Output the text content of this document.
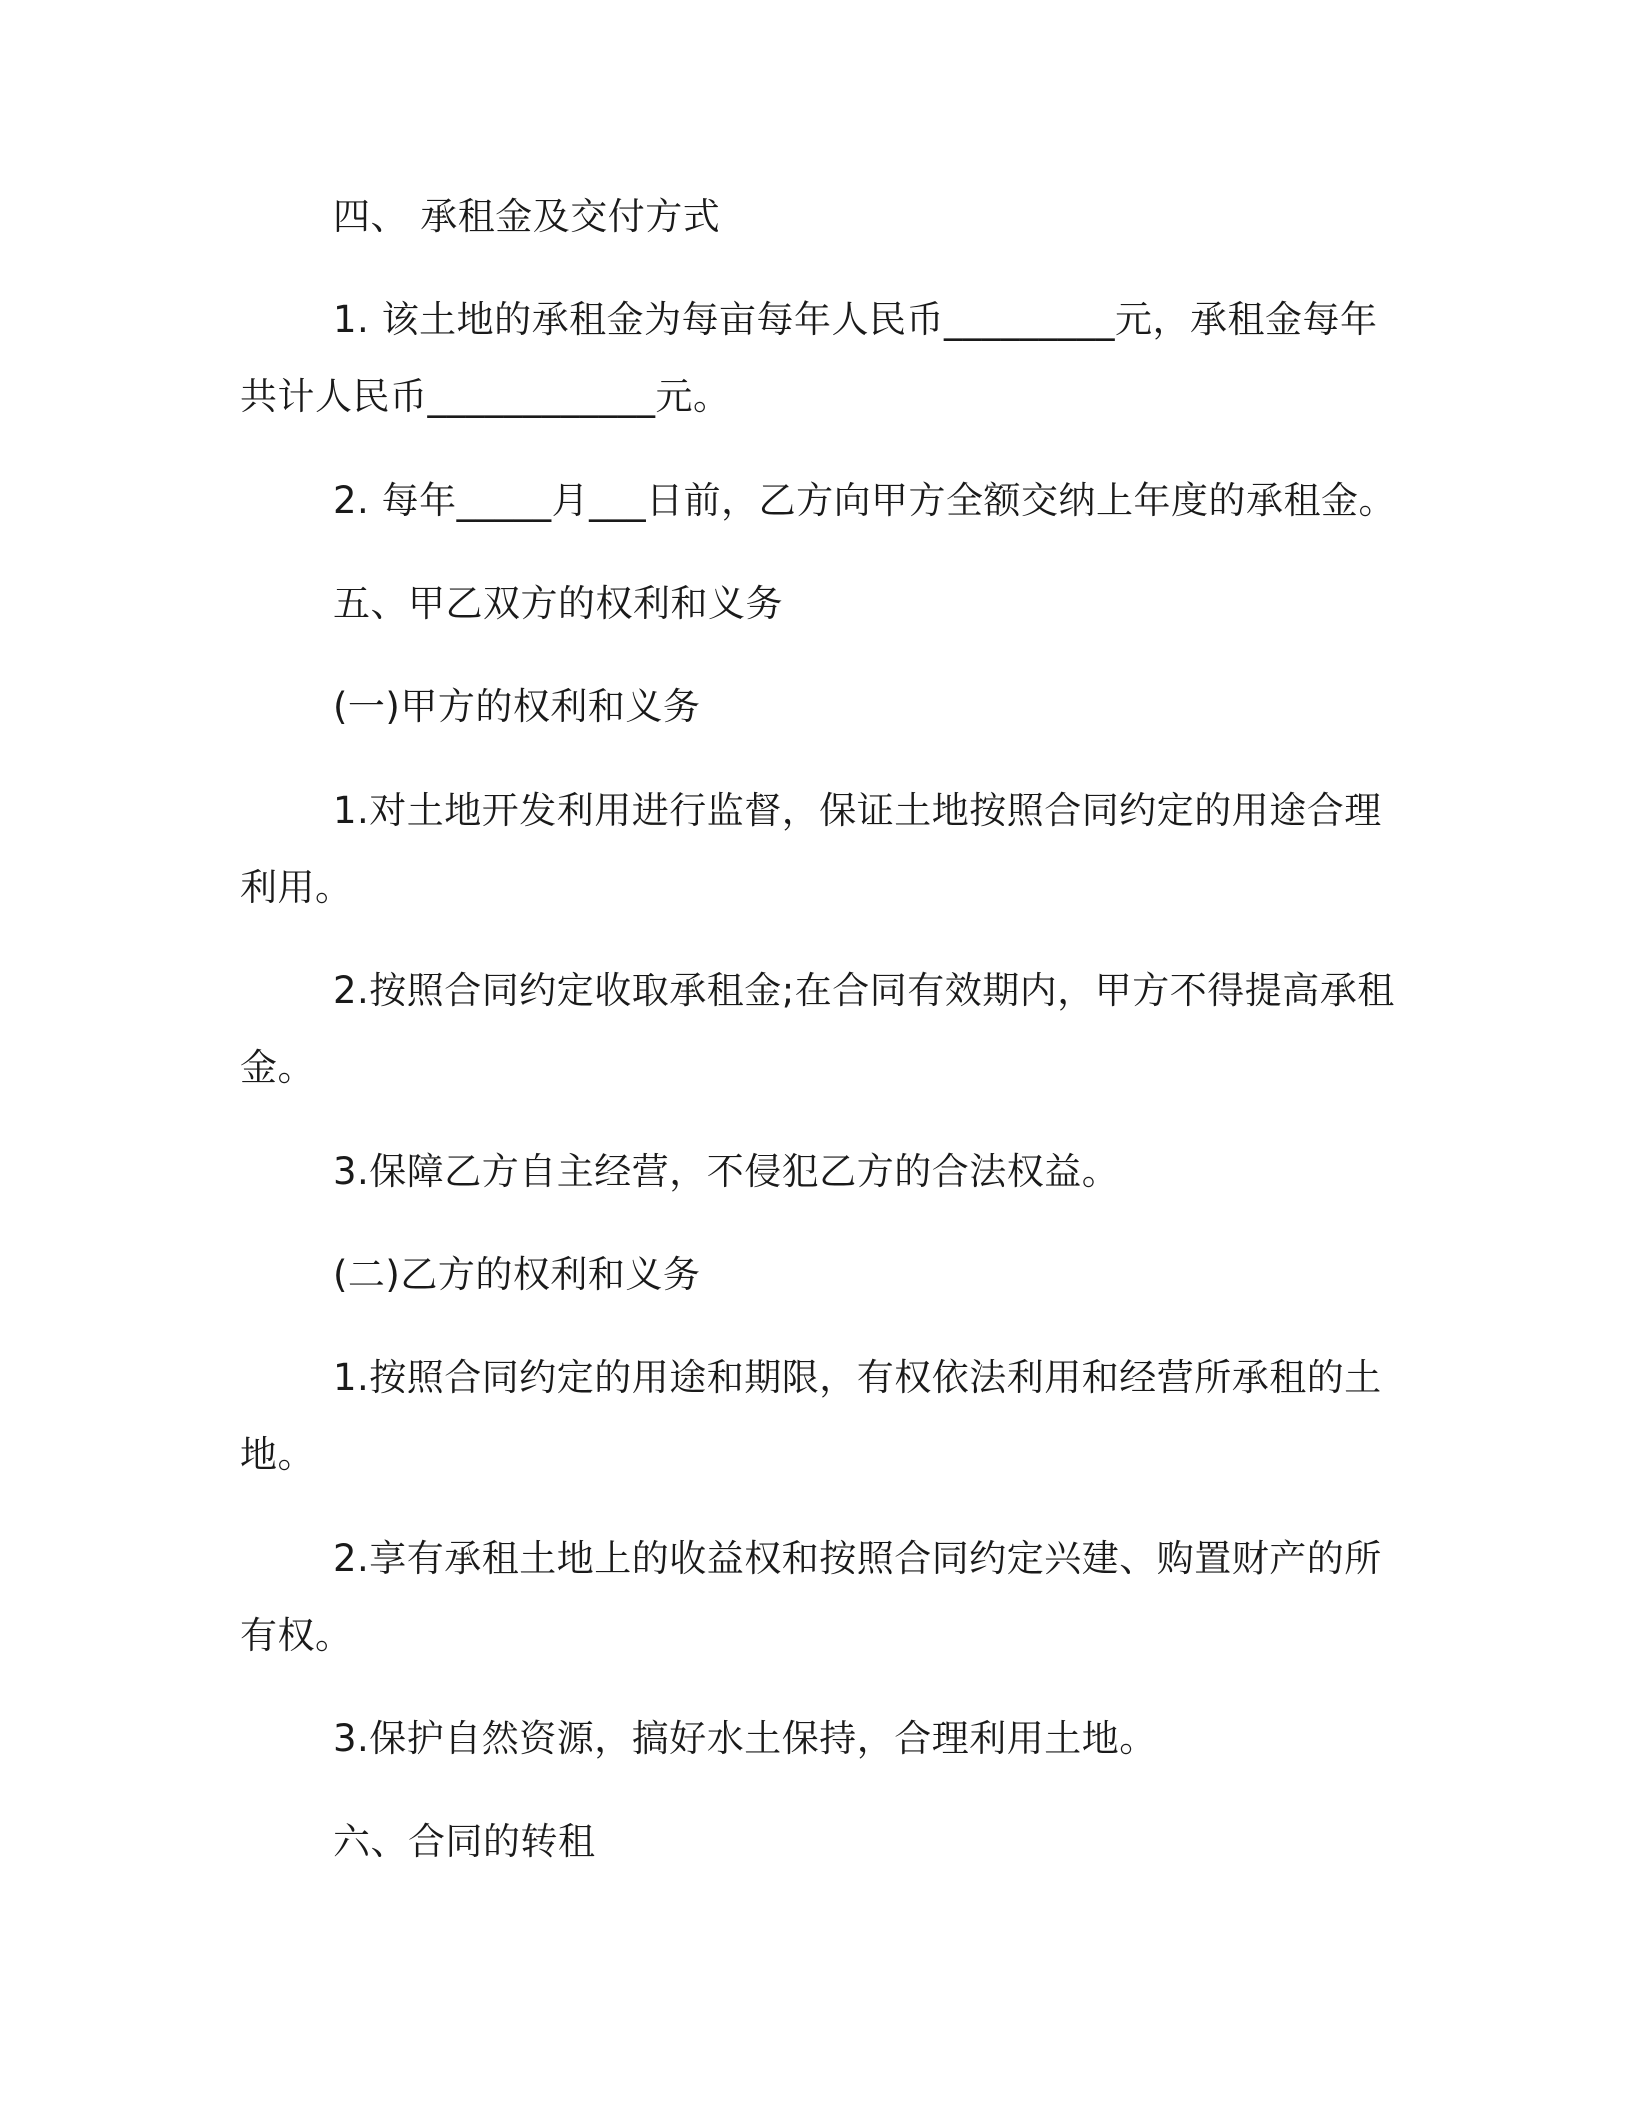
四、 承租金及交付方式

1. 该土地的承租金为每亩每年人民币_________元，承租金每年

共计人民币____________元。

2. 每年_____月___日前，乙方向甲方全额交纳上年度的承租金。

五、甲乙双方的权利和义务

(一)甲方的权利和义务

1.对土地开发利用进行监督，保证土地按照合同约定的用途合理

利用。

2.按照合同约定收取承租金;在合同有效期内，甲方不得提高承租

金。

3.保障乙方自主经营，不侵犯乙方的合法权益。

(二)乙方的权利和义务

1.按照合同约定的用途和期限，有权依法利用和经营所承租的土

地。

2.享有承租土地上的收益权和按照合同约定兴建、购置财产的所

有权。

3.保护自然资源，搞好水土保持，合理利用土地。

六、合同的转租
